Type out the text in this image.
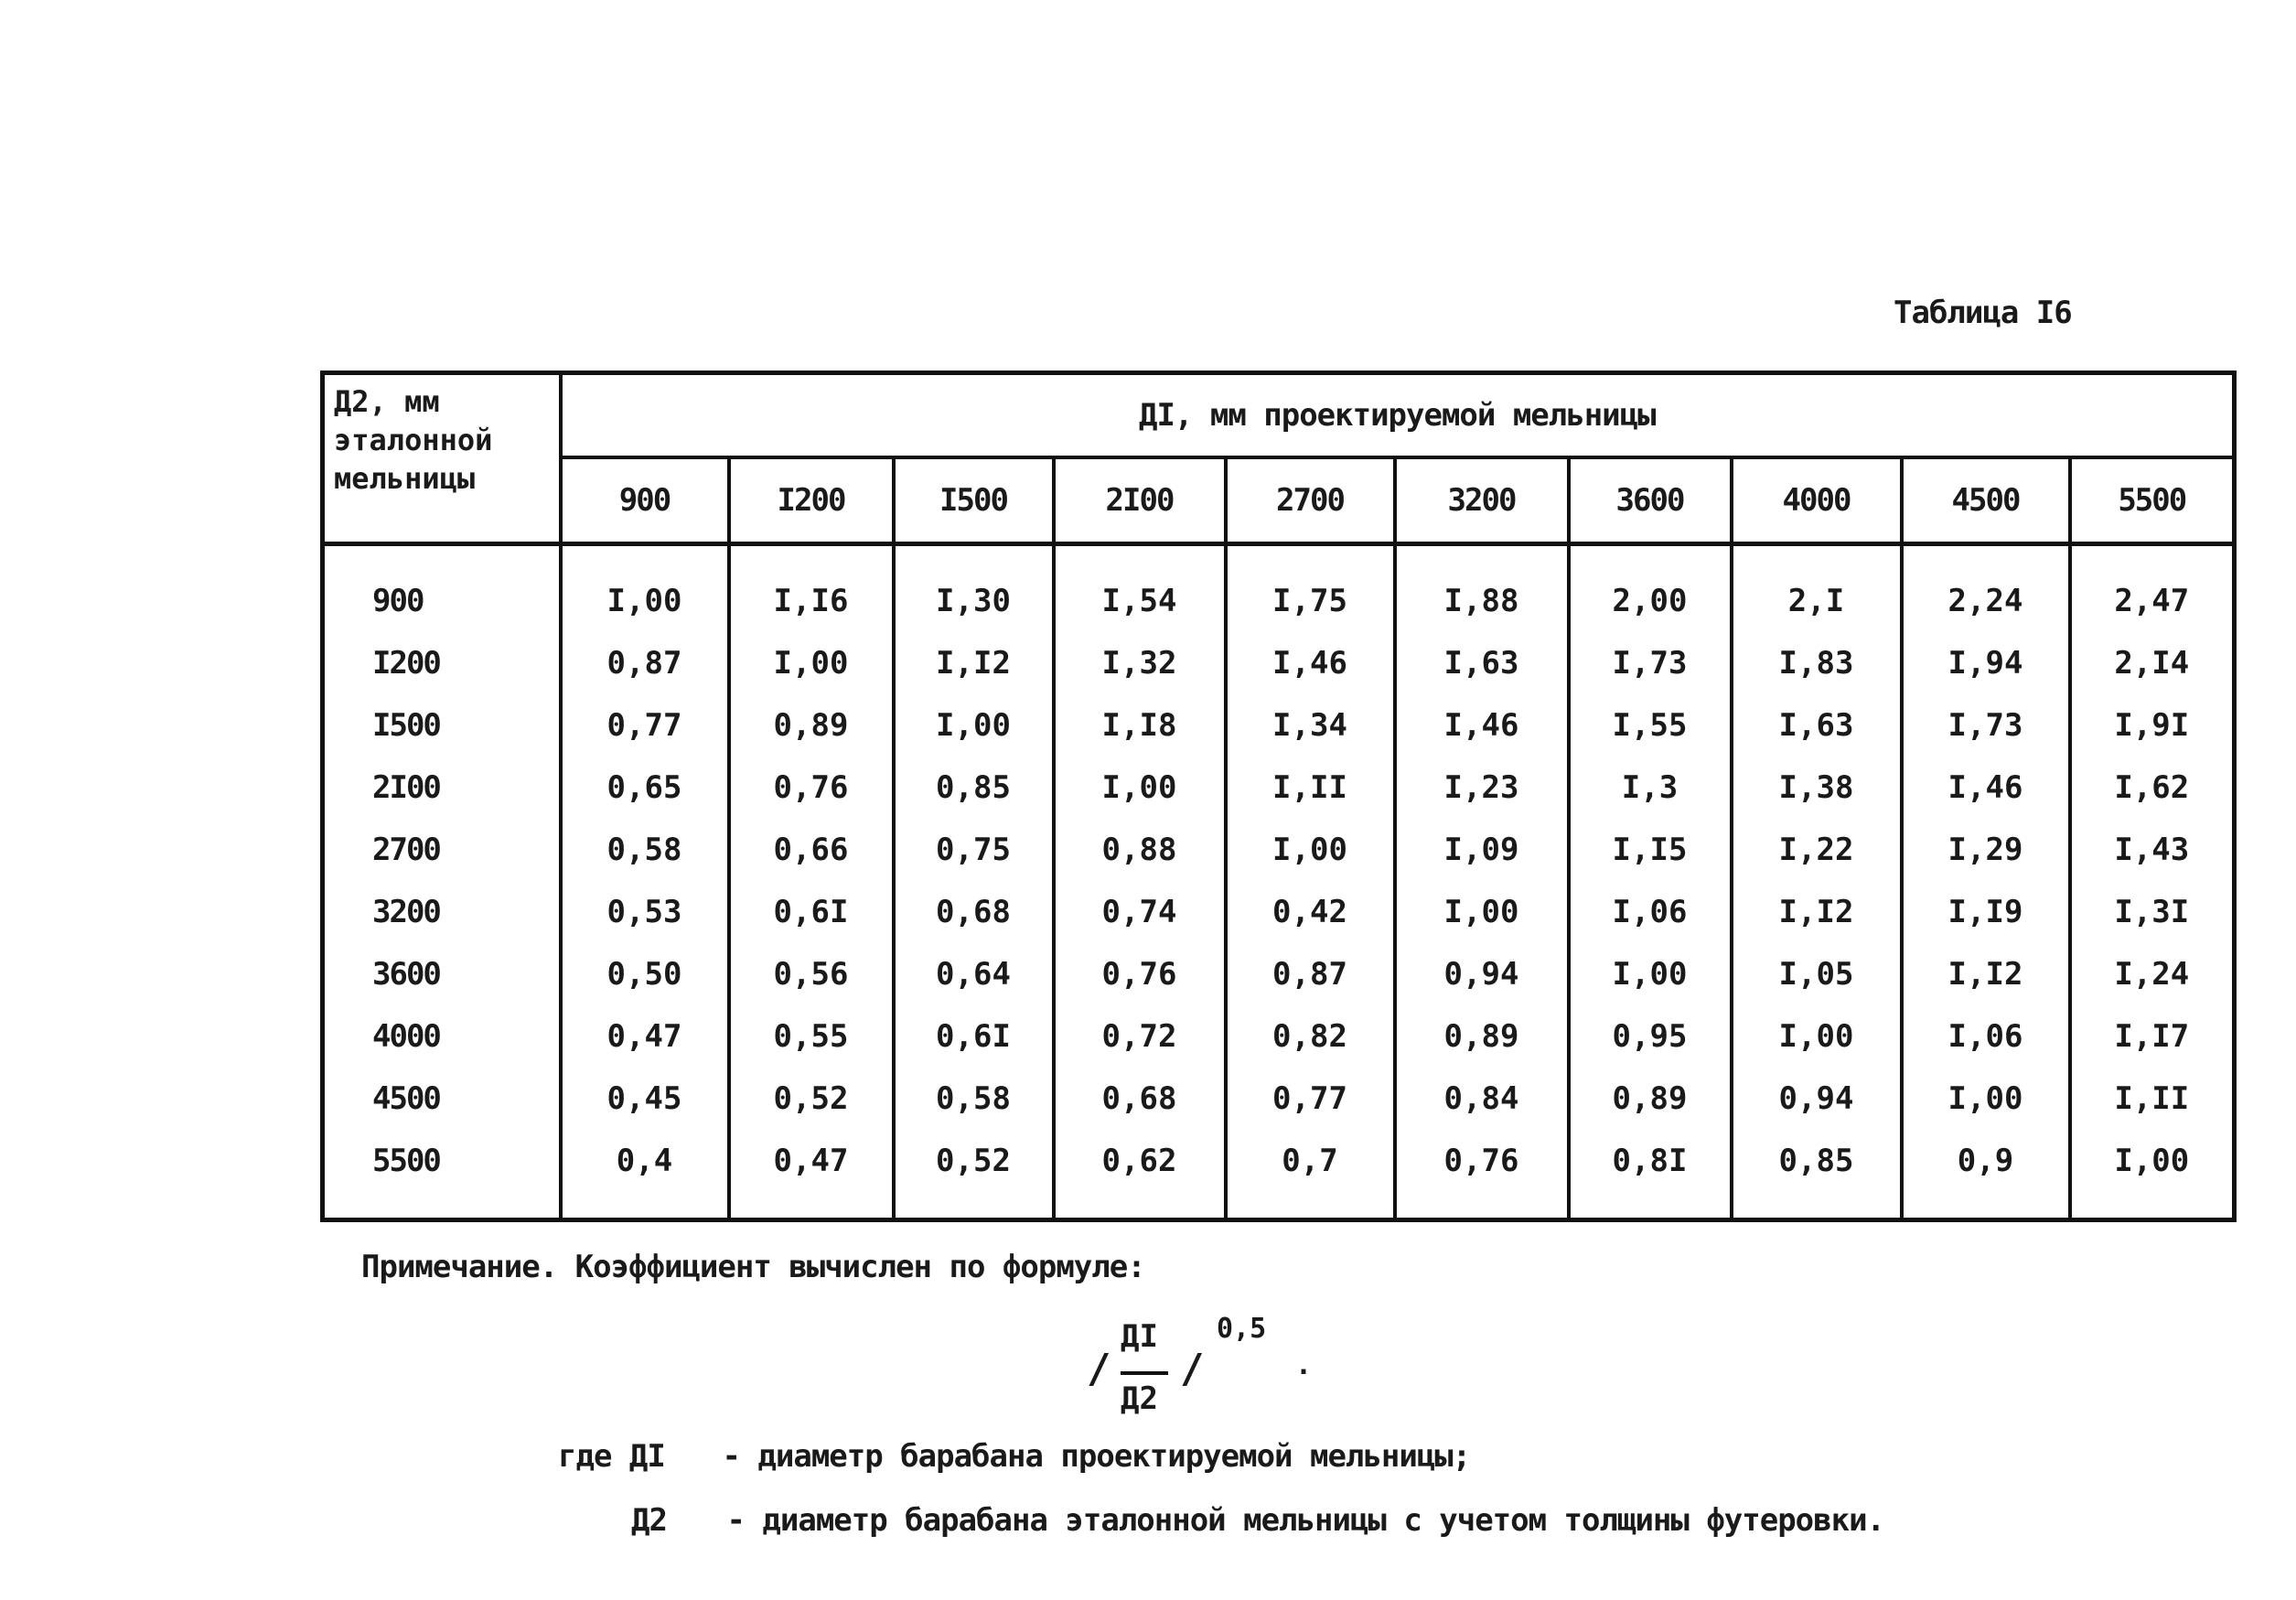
Таблица I6
Д2, мм
эталонной
мельницы	ДI, мм проектируемой мельницы									
	900	I200	I500	2I00	2700	3200	3600	4000	4500	5500
900	I,00	I,I6	I,30	I,54	I,75	I,88	2,00	2,I	2,24	2,47
I200	0,87	I,00	I,I2	I,32	I,46	I,63	I,73	I,83	I,94	2,I4
I500	0,77	0,89	I,00	I,I8	I,34	I,46	I,55	I,63	I,73	I,9I
2I00	0,65	0,76	0,85	I,00	I,II	I,23	I,3	I,38	I,46	I,62
2700	0,58	0,66	0,75	0,88	I,00	I,09	I,I5	I,22	I,29	I,43
3200	0,53	0,6I	0,68	0,74	0,42	I,00	I,06	I,I2	I,I9	I,3I
3600	0,50	0,56	0,64	0,76	0,87	0,94	I,00	I,05	I,I2	I,24
4000	0,47	0,55	0,6I	0,72	0,82	0,89	0,95	I,00	I,06	I,I7
4500	0,45	0,52	0,58	0,68	0,77	0,84	0,89	0,94	I,00	I,II
5500	0,4	0,47	0,52	0,62	0,7	0,76	0,8I	0,85	0,9	I,00
Примечание. Коэффициент вычислен по формуле:
/
ДI
Д2
/
0,5
.
где ДI - диаметр барабана проектируемой мельницы;
Д2 - диаметр барабана эталонной мельницы с учетом толщины футеровки.
